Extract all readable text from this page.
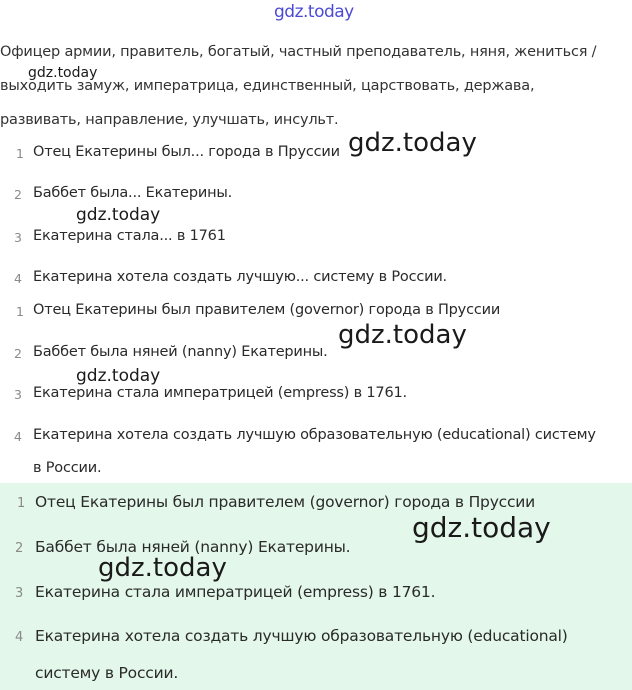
gdz.today
Офицер армии, правитель, богатый, частный преподаватель, няня, жениться /
выходить замуж, императрица, единственный, царствовать, держава,
развивать, направление, улучшать, инсульт.
1 Отец Екатерины был... города в Пруссии
2 Баббет была... Екатерины.
3 Екатерина стала... в 1761
4 Екатерина хотела создать лучшую... систему в России.
1 Отец Екатерины был правителем (governor) города в Пруссии
2 Баббет была няней (nanny) Екатерины.
3 Екатерина стала императрицей (empress) в 1761.
4 Екатерина хотела создать лучшую образовательную (educational) систему
в России.
1 Отец Екатерины был правителем (governor) города в Пруссии
2 Баббет была няней (nanny) Екатерины.
3 Екатерина стала императрицей (empress) в 1761.
4 Екатерина хотела создать лучшую образовательную (educational)
систему в России.
gdz.today
gdz.today
gdz.today
gdz.today
gdz.today
gdz.today
gdz.today
